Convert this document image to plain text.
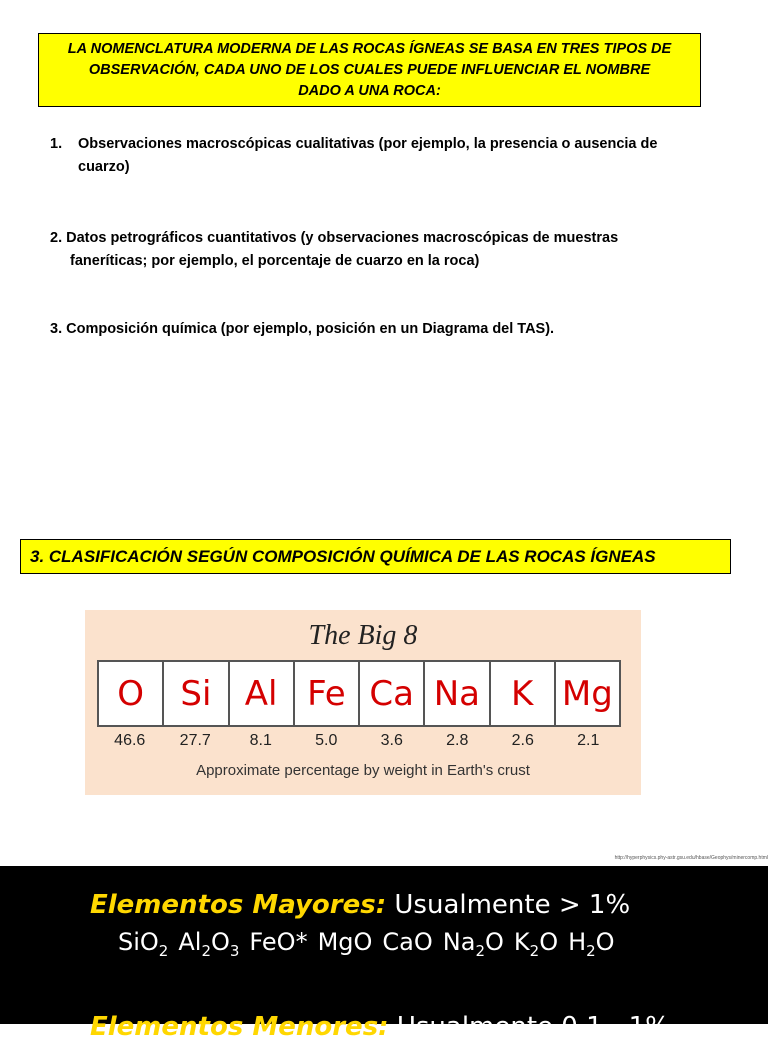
LA NOMENCLATURA MODERNA DE LAS ROCAS ÍGNEAS SE BASA EN TRES TIPOS DE
OBSERVACIÓN, CADA UNO DE LOS CUALES PUEDE INFLUENCIAR EL NOMBRE
DADO A UNA ROCA:
1. Observaciones macroscópicas cualitativas (por ejemplo, la presencia o ausencia de
cuarzo)
2. Datos petrográficos cuantitativos (y observaciones macroscópicas de muestras
faneríticas; por ejemplo, el porcentaje de cuarzo en la roca)
3. Composición química (por ejemplo, posición en un Diagrama del TAS).
3. CLASIFICACIÓN SEGÚN COMPOSICIÓN QUÍMICA DE LAS ROCAS ÍGNEAS
The Big 8
O	Si Al Fe Ca Na K Mg
46.6	27.7	8.1	5.0	3.6	2.8	2.6	2.1
Approximate percentage by weight in Earth's crust
http://hyperphysics.phy-astr.gsu.edu/hbase/Geophys/minercomp.html
Elementos Mayores: Usualmente > 1%
SiO$_2$ $Al_2O_3$ FeO* MgO CaO $Na_2O$ $K_2O$ $H_2O$
Elementos Menores: Usualmente 0.1 - 1%
